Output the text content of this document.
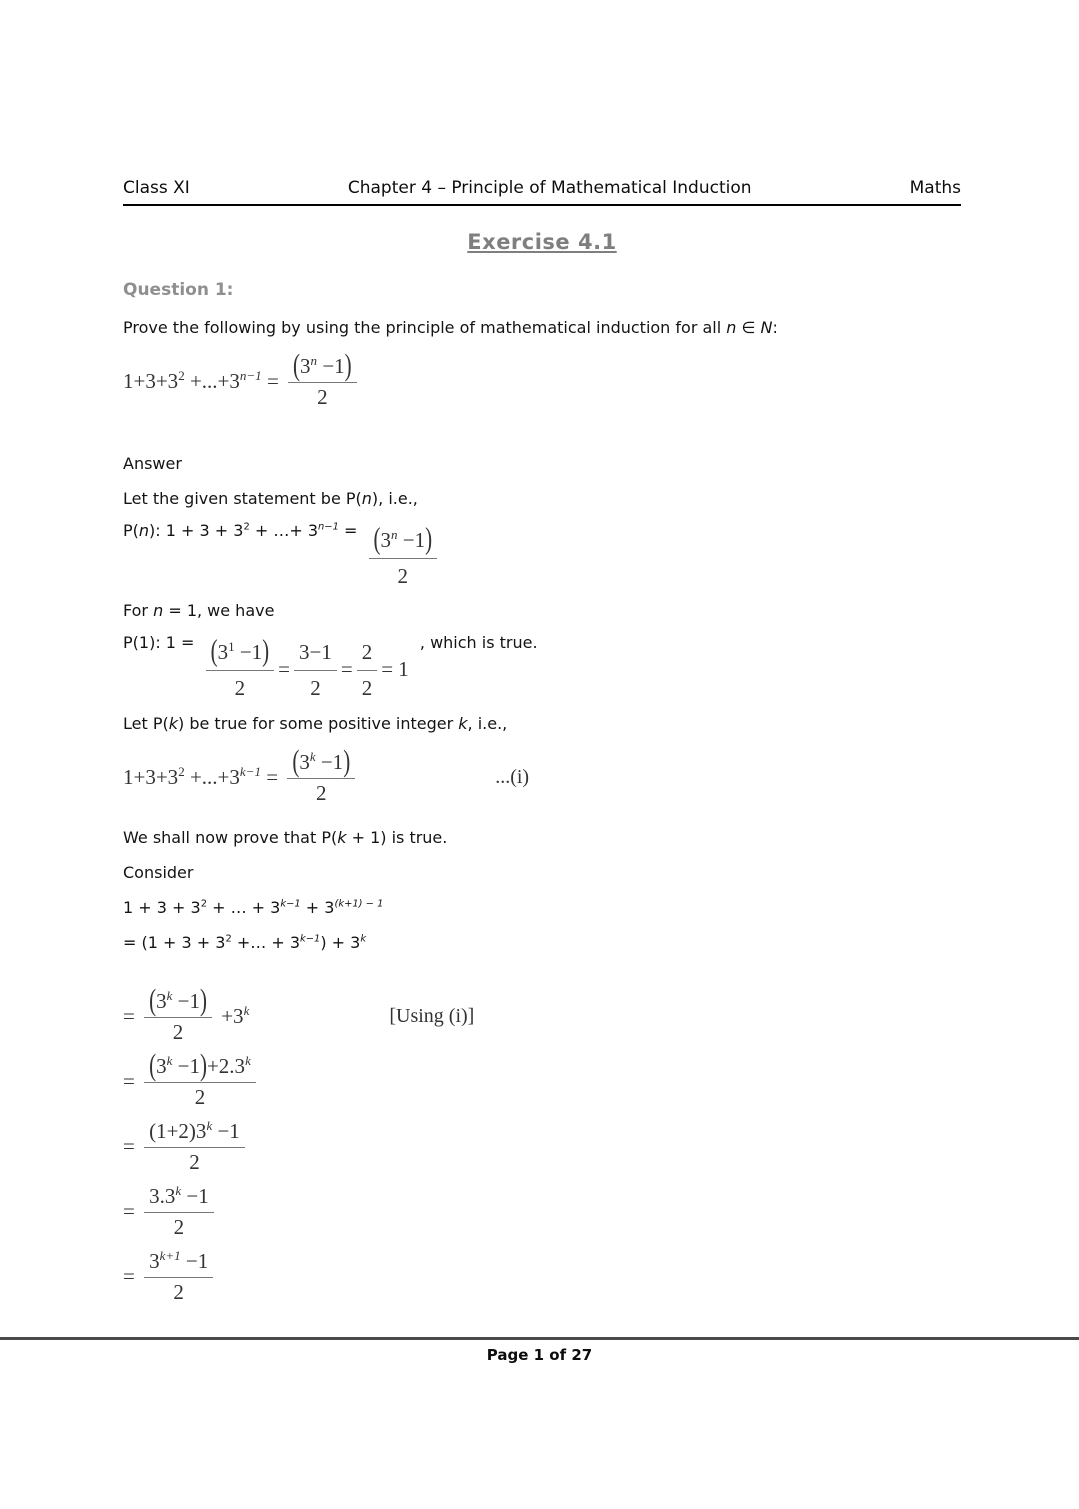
Class XI	Chapter 4 – Principle of Mathematical Induction	Maths
Exercise 4.1
Question 1:

Prove the following by using the principle of mathematical induction for all n ∈ N:

$1+3+3^2 +...+3^{n-1} = \frac{(3^n -1)}{2}$

Answer

Let the given statement be P(n), i.e.,

P(n): $1 + 3 + 3^2$ + …+ $3^{n-1} = \frac{(3^n -1)}{2}$

For n = 1, we have

P(1): $1 = \frac{(3^1 -1)}{2} = \frac{3-1}{2} = \frac{2}{2} = 1$
, which is true.

Let P(k) be true for some positive integer k, i.e.,

$1+3+3^2 +...+3^{k-1} = \frac{(3^k -1)}{2}$	...(i)

We shall now prove that P(k + 1) is true.

Consider

$1 + 3 + 3^2$ + … + $3^{k-1} + 3^{(k+1) - 1}$

= ($1 + 3 + 3^2$ +… + $3^{k-1}) + 3^k$

= $\frac{(3^k -1)}{2} +3^k$	[Using (i)]
= $\frac{(3^k -1)+2.3^k}{2}$
= $\frac{(1+2)3^k -1}{2}$
= $\frac{3.3^k -1}{2}$
= $\frac{3^{k+1} -1}{2}$
Page 1 of 27
